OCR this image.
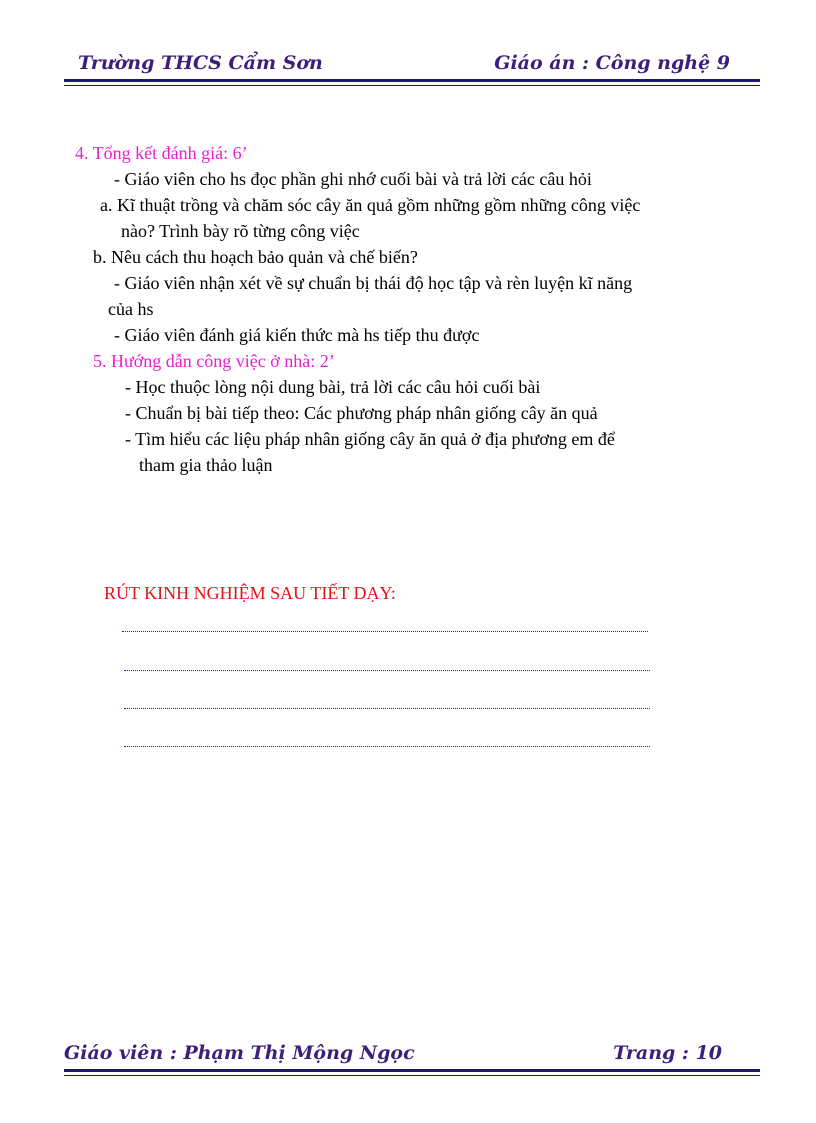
Trường THCS Cẩm Sơn	Giáo án : Công nghệ 9
4. Tổng kết đánh giá: 6’
- Giáo viên cho hs đọc phần ghi nhớ cuối bài và trả lời các câu hỏi
a. Kĩ thuật trồng và chăm sóc cây ăn quả gồm những gồm những công việc
nào? Trình bày rõ từng công việc
b. Nêu cách thu hoạch bảo quản và chế biến?
- Giáo viên nhận xét về sự chuẩn bị thái độ học tập và rèn luyện kĩ năng
của hs
- Giáo viên đánh giá kiến thức mà hs tiếp thu được
5. Hướng dẫn công việc ở nhà: 2’
- Học thuộc lòng nội dung bài, trả lời các câu hỏi cuối bài
- Chuẩn bị bài tiếp theo: Các phương pháp nhân giống cây ăn quả
- Tìm hiểu các liệu pháp nhân giống cây ăn quả ở địa phương em để
tham gia thảo luận
RÚT KINH NGHIỆM SAU TIẾT DẠY:
Giáo viên : Phạm Thị Mộng Ngọc	Trang : 10
